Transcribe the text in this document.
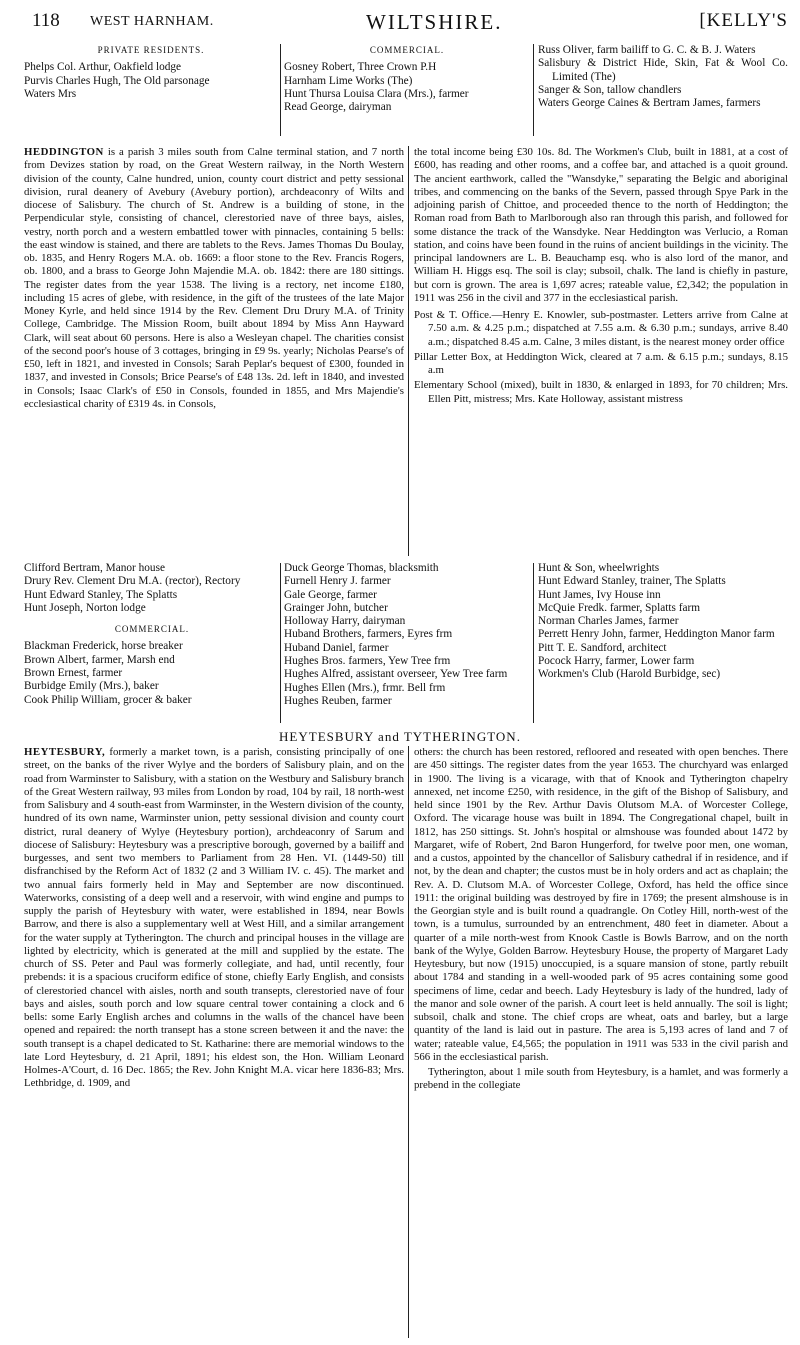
118 WEST HARNHAM.	WILTSHIRE.	[KELLY'S
PRIVATE RESIDENTS.

Phelps Col. Arthur, Oakfield lodge

Purvis Charles Hugh, The Old parsonage

Waters Mrs

COMMERCIAL.

Gosney Robert, Three Crown P.H

Harnham Lime Works (The)

Hunt Thursa Louisa Clara (Mrs.), farmer

Read George, dairyman

Russ Oliver, farm bailiff to G. C. & B. J. Waters

Salisbury & District Hide, Skin, Fat & Wool Co. Limited (The)

Sanger & Son, tallow chandlers

Waters George Caines & Bertram James, farmers

HEDDINGTON is a parish 3 miles south from Calne terminal station, and 7 north from Devizes station by road, on the Great Western railway, in the North Western division of the county, Calne hundred, union, county court district and petty sessional division, rural deanery of Avebury (Avebury portion), archdeaconry of Wilts and diocese of Salisbury. The church of St. Andrew is a building of stone, in the Perpendicular style, consisting of chancel, clerestoried nave of three bays, aisles, vestry, north porch and a western embattled tower with pinnacles, containing 5 bells: the east window is stained, and there are tablets to the Revs. James Thomas Du Boulay, ob. 1835, and Henry Rogers M.A. ob. 1669: a floor stone to the Rev. Francis Rogers, ob. 1800, and a brass to George John Majendie M.A. ob. 1842: there are 180 sittings. The register dates from the year 1538. The living is a rectory, net income £180, including 15 acres of glebe, with residence, in the gift of the trustees of the late Major Money Kyrle, and held since 1914 by the Rev. Clement Dru Drury M.A. of Trinity College, Cambridge. The Mission Room, built about 1894 by Miss Ann Hayward Clark, will seat about 60 persons. Here is also a Wesleyan chapel. The charities consist of the second poor's house of 3 cottages, bringing in £9 9s. yearly; Nicholas Pearse's of £50, left in 1821, and invested in Consols; Sarah Peplar's bequest of £300, founded in 1837, and invested in Consols; Brice Pearse's of £48 13s. 2d. left in 1840, and invested in Consols; Isaac Clark's of £50 in Consols, founded in 1855, and Mrs Majendie's ecclesiastical charity of £319 4s. in Consols,

the total income being £30 10s. 8d. The Workmen's Club, built in 1881, at a cost of £600, has reading and other rooms, and a coffee bar, and attached is a quoit ground. The ancient earthwork, called the "Wansdyke," separating the Belgic and aboriginal tribes, and commencing on the banks of the Severn, passed through Spye Park in the adjoining parish of Chittoe, and proceeded thence to the north of Heddington; the Roman road from Bath to Marlborough also ran through this parish, and followed for some distance the track of the Wansdyke. Near Heddington was Verlucio, a Roman station, and coins have been found in the ruins of ancient buildings in the vicinity. The principal landowners are L. B. Beauchamp esq. who is also lord of the manor, and William H. Higgs esq. The soil is clay; subsoil, chalk. The land is chiefly in pasture, but corn is grown. The area is 1,697 acres; rateable value, £2,342; the population in 1911 was 256 in the civil and 377 in the ecclesiastical parish.

Post & T. Office.—Henry E. Knowler, sub-postmaster. Letters arrive from Calne at 7.50 a.m. & 4.25 p.m.; dispatched at 7.55 a.m. & 6.30 p.m.; sundays, arrive 8.40 a.m.; dispatched 8.45 a.m. Calne, 3 miles distant, is the nearest money order office

Pillar Letter Box, at Heddington Wick, cleared at 7 a.m. & 6.15 p.m.; sundays, 8.15 a.m

Elementary School (mixed), built in 1830, & enlarged in 1893, for 70 children; Mrs. Ellen Pitt, mistress; Mrs. Kate Holloway, assistant mistress

Clifford Bertram, Manor house

Drury Rev. Clement Dru M.A. (rector), Rectory

Hunt Edward Stanley, The Splatts

Hunt Joseph, Norton lodge

COMMERCIAL.

Blackman Frederick, horse breaker

Brown Albert, farmer, Marsh end

Brown Ernest, farmer

Burbidge Emily (Mrs.), baker

Cook Philip William, grocer & baker

Duck George Thomas, blacksmith

Furnell Henry J. farmer

Gale George, farmer

Grainger John, butcher

Holloway Harry, dairyman

Huband Brothers, farmers, Eyres frm

Huband Daniel, farmer

Hughes Bros. farmers, Yew Tree frm

Hughes Alfred, assistant overseer, Yew Tree farm

Hughes Ellen (Mrs.), frmr. Bell frm

Hughes Reuben, farmer

Hunt & Son, wheelwrights

Hunt Edward Stanley, trainer, The Splatts

Hunt James, Ivy House inn

McQuie Fredk. farmer, Splatts farm

Norman Charles James, farmer

Perrett Henry John, farmer, Heddington Manor farm

Pitt T. E. Sandford, architect

Pocock Harry, farmer, Lower farm

Workmen's Club (Harold Burbidge, sec)

HEYTESBURY and TYTHERINGTON.

HEYTESBURY, formerly a market town, is a parish, consisting principally of one street, on the banks of the river Wylye and the borders of Salisbury plain, and on the road from Warminster to Salisbury, with a station on the Westbury and Salisbury branch of the Great Western railway, 93 miles from London by road, 104 by rail, 18 north-west from Salisbury and 4 south-east from Warminster, in the Western division of the county, hundred of its own name, Warminster union, petty sessional division and county court district, rural deanery of Wylye (Heytesbury portion), archdeaconry of Sarum and diocese of Salisbury: Heytesbury was a prescriptive borough, governed by a bailiff and burgesses, and sent two members to Parliament from 28 Hen. VI. (1449-50) till disfranchised by the Reform Act of 1832 (2 and 3 William IV. c. 45). The market and two annual fairs formerly held in May and September are now discontinued. Waterworks, consisting of a deep well and a reservoir, with wind engine and pumps to supply the parish of Heytesbury with water, were established in 1894, near Bowls Barrow, and there is also a supplementary well at West Hill, and a similar arrangement for the water supply at Tytherington. The church and principal houses in the village are lighted by electricity, which is generated at the mill and supplied by the estate. The church of SS. Peter and Paul was formerly collegiate, and had, until recently, four prebends: it is a spacious cruciform edifice of stone, chiefly Early English, and consists of clerestoried chancel with aisles, north and south transepts, clerestoried nave of four bays and aisles, south porch and low square central tower containing a clock and 6 bells: some Early English arches and columns in the walls of the chancel have been opened and repaired: the north transept has a stone screen between it and the nave: the south transept is a chapel dedicated to St. Katharine: there are memorial windows to the late Lord Heytesbury, d. 21 April, 1891; his eldest son, the Hon. William Leonard Holmes-A'Court, d. 16 Dec. 1865; the Rev. John Knight M.A. vicar here 1836-83; Mrs. Lethbridge, d. 1909, and

others: the church has been restored, refloored and reseated with open benches. There are 450 sittings. The register dates from the year 1653. The churchyard was enlarged in 1900. The living is a vicarage, with that of Knook and Tytherington chapelry annexed, net income £250, with residence, in the gift of the Bishop of Salisbury, and held since 1901 by the Rev. Arthur Davis Olutsom M.A. of Worcester College, Oxford. The vicarage house was built in 1894. The Congregational chapel, built in 1812, has 250 sittings. St. John's hospital or almshouse was founded about 1472 by Margaret, wife of Robert, 2nd Baron Hungerford, for twelve poor men, one woman, and a custos, appointed by the chancellor of Salisbury cathedral if in residence, and if not, by the dean and chapter; the custos must be in holy orders and act as chaplain; the Rev. A. D. Clutsom M.A. of Worcester College, Oxford, has held the office since 1911: the original building was destroyed by fire in 1769; the present almshouse is in the Georgian style and is built round a quadrangle. On Cotley Hill, north-west of the town, is a tumulus, surrounded by an entrenchment, 480 feet in diameter. About a quarter of a mile north-west from Knook Castle is Bowls Barrow, and on the north bank of the Wylye, Golden Barrow. Heytesbury House, the property of Margaret Lady Heytesbury, but now (1915) unoccupied, is a square mansion of stone, partly rebuilt about 1784 and standing in a well-wooded park of 95 acres containing some good specimens of lime, cedar and beech. Lady Heytesbury is lady of the hundred, lady of the manor and sole owner of the parish. A court leet is held annually. The soil is light; subsoil, chalk and stone. The chief crops are wheat, oats and barley, but a large quantity of the land is laid out in pasture. The area is 5,193 acres of land and 7 of water; rateable value, £4,565; the population in 1911 was 533 in the civil parish and 566 in the ecclesiastical parish.

Tytherington, about 1 mile south from Heytesbury, is a hamlet, and was formerly a prebend in the collegiate
